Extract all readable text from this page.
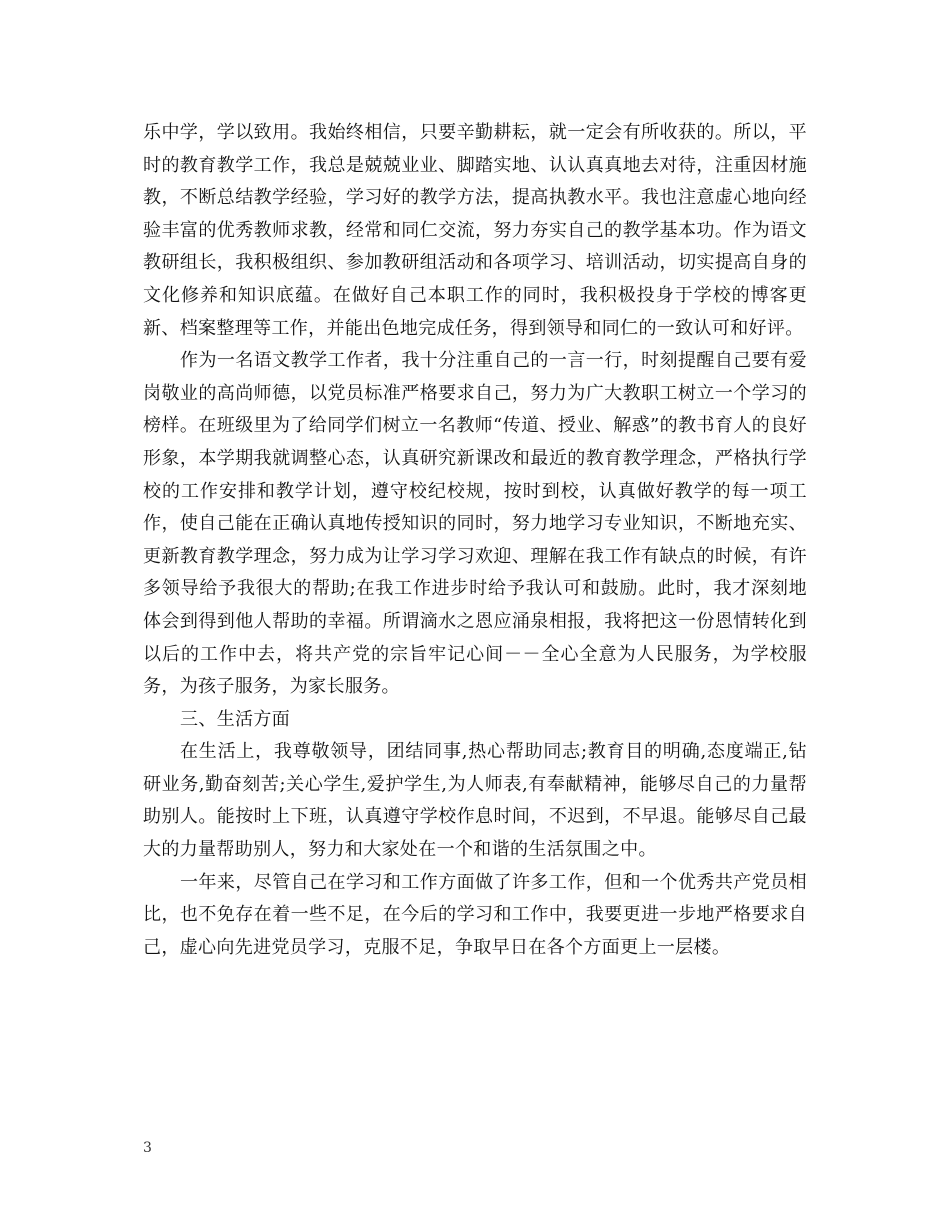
乐中学，学以致用。我始终相信，只要辛勤耕耘，就一定会有所收获的。所以，平时的教育教学工作，我总是兢兢业业、脚踏实地、认认真真地去对待，注重因材施教，不断总结教学经验，学习好的教学方法，提高执教水平。我也注意虚心地向经验丰富的优秀教师求教，经常和同仁交流，努力夯实自己的教学基本功。作为语文教研组长，我积极组织、参加教研组活动和各项学习、培训活动，切实提高自身的文化修养和知识底蕴。在做好自己本职工作的同时，我积极投身于学校的博客更新、档案整理等工作，并能出色地完成任务，得到领导和同仁的一致认可和好评。

作为一名语文教学工作者，我十分注重自己的一言一行，时刻提醒自己要有爱岗敬业的高尚师德，以党员标准严格要求自己，努力为广大教职工树立一个学习的榜样。在班级里为了给同学们树立一名教师“传道、授业、解惑”的教书育人的良好形象，本学期我就调整心态，认真研究新课改和最近的教育教学理念，严格执行学校的工作安排和教学计划，遵守校纪校规，按时到校，认真做好教学的每一项工作，使自己能在正确认真地传授知识的同时，努力地学习专业知识，不断地充实、更新教育教学理念，努力成为让学习学习欢迎、理解在我工作有缺点的时候，有许多领导给予我很大的帮助;在我工作进步时给予我认可和鼓励。此时，我才深刻地体会到得到他人帮助的幸福。所谓滴水之恩应涌泉相报，我将把这一份恩情转化到以后的工作中去，将共产党的宗旨牢记心间－－全心全意为人民服务，为学校服务，为孩子服务，为家长服务。

三、生活方面

在生活上，我尊敬领导，团结同事,热心帮助同志;教育目的明确,态度端正,钻研业务,勤奋刻苦;关心学生,爱护学生,为人师表,有奉献精神，能够尽自己的力量帮助别人。能按时上下班，认真遵守学校作息时间，不迟到，不早退。能够尽自己最大的力量帮助别人，努力和大家处在一个和谐的生活氛围之中。

一年来，尽管自己在学习和工作方面做了许多工作，但和一个优秀共产党员相比，也不免存在着一些不足，在今后的学习和工作中，我要更进一步地严格要求自己，虚心向先进党员学习，克服不足，争取早日在各个方面更上一层楼。

3
